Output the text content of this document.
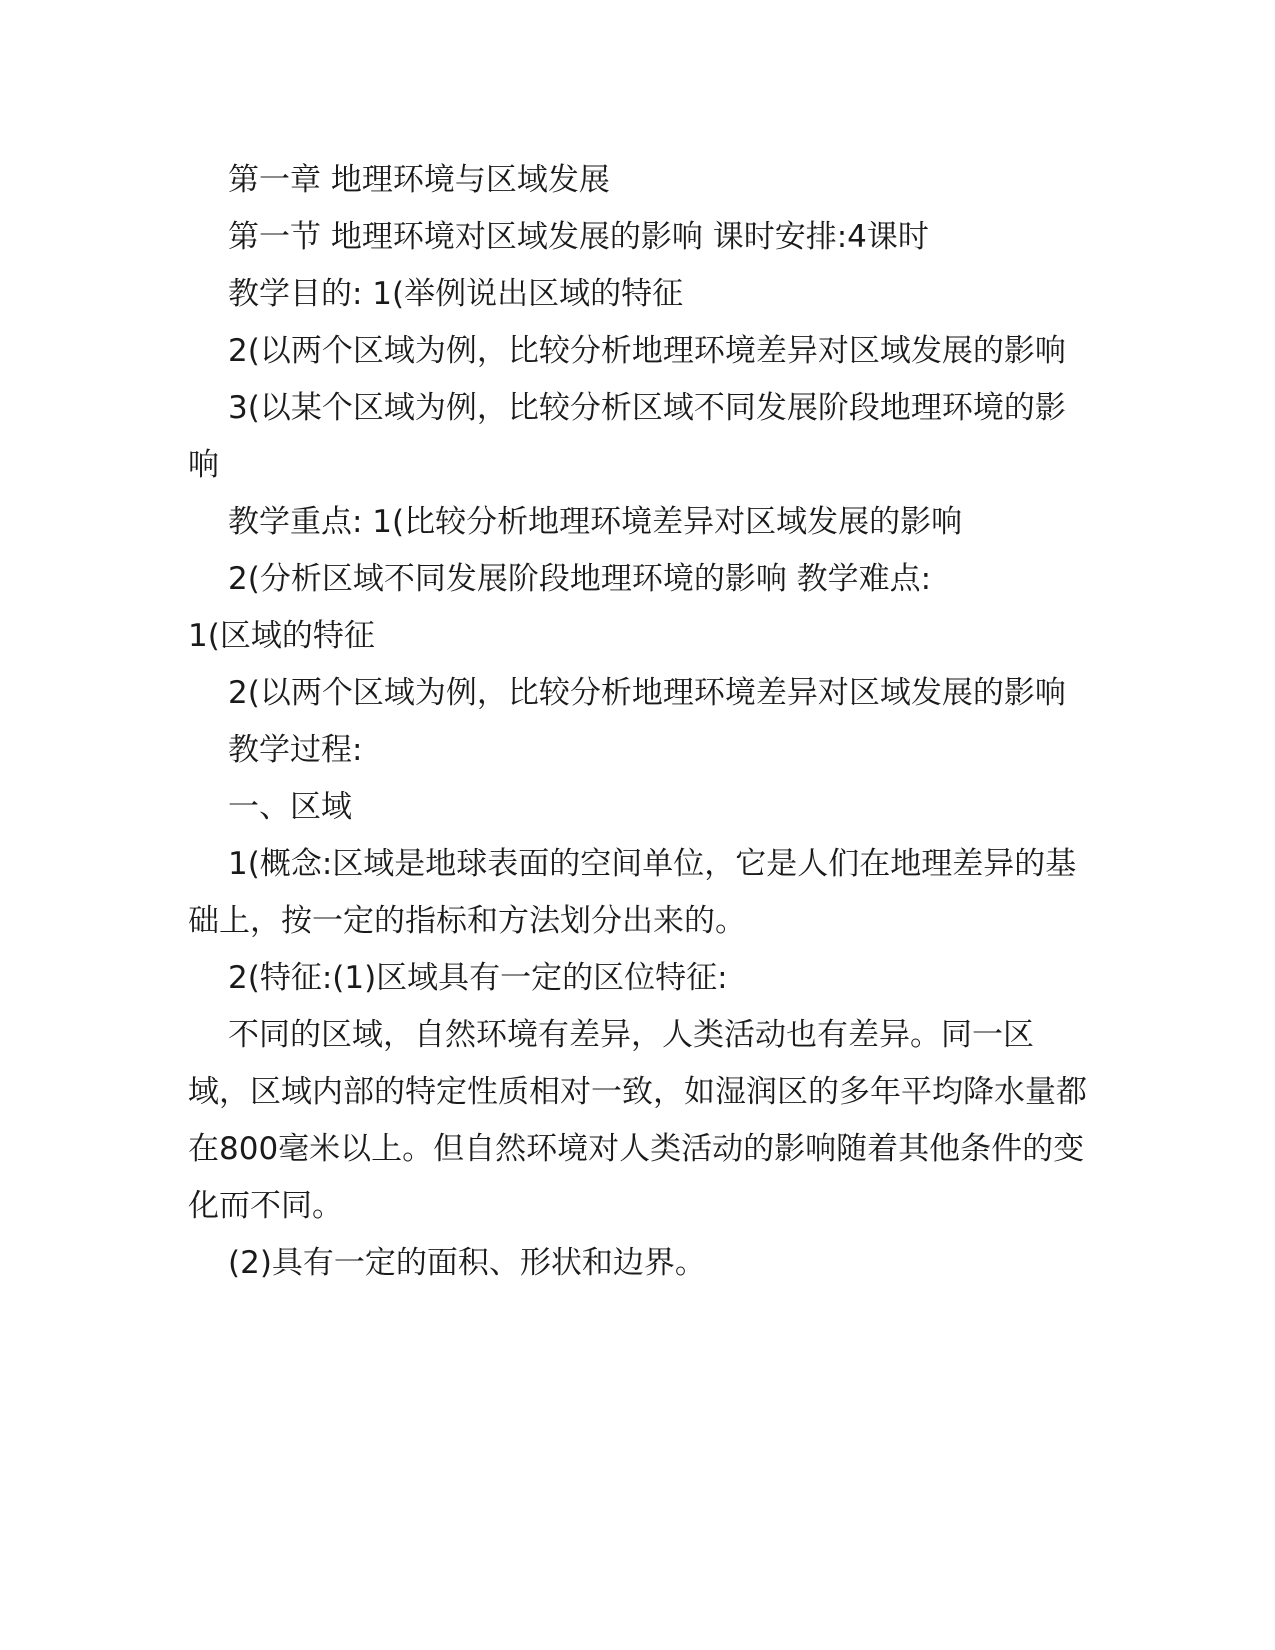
第一章 地理环境与区域发展

第一节 地理环境对区域发展的影响 课时安排:4课时

教学目的: 1(举例说出区域的特征

2(以两个区域为例，比较分析地理环境差异对区域发展的影响

3(以某个区域为例，比较分析区域不同发展阶段地理环境的影响

教学重点: 1(比较分析地理环境差异对区域发展的影响

2(分析区域不同发展阶段地理环境的影响 教学难点:

1(区域的特征

2(以两个区域为例，比较分析地理环境差异对区域发展的影响

教学过程:

一、区域

1(概念:区域是地球表面的空间单位，它是人们在地理差异的基础上，按一定的指标和方法划分出来的。

2(特征:(1)区域具有一定的区位特征:

不同的区域，自然环境有差异，人类活动也有差异。同一区域，区域内部的特定性质相对一致，如湿润区的多年平均降水量都在800毫米以上。但自然环境对人类活动的影响随着其他条件的变化而不同。

(2)具有一定的面积、形状和边界。
